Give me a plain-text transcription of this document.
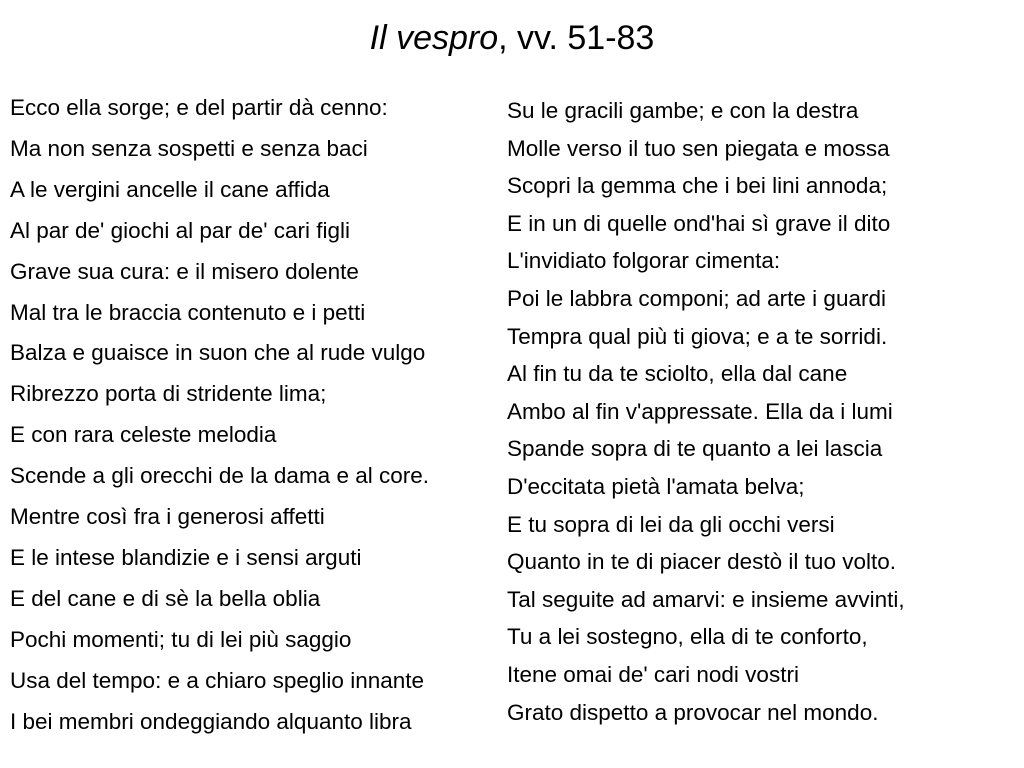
Il vespro, vv. 51-83
Ecco ella sorge; e del partir dà cenno:
Ma non senza sospetti e senza baci
A le vergini ancelle il cane affida
Al par de' giochi al par de' cari figli
Grave sua cura: e il misero dolente
Mal tra le braccia contenuto e i petti
Balza e guaisce in suon che al rude vulgo
Ribrezzo porta di stridente lima;
E con rara celeste melodia
Scende a gli orecchi de la dama e al core.
Mentre così fra i generosi affetti
E le intese blandizie e i sensi arguti
E del cane e di sè la bella oblia
Pochi momenti; tu di lei più saggio
Usa del tempo: e a chiaro speglio innante
I bei membri ondeggiando alquanto libra
Su le gracili gambe; e con la destra
Molle verso il tuo sen piegata e mossa
Scopri la gemma che i bei lini annoda;
E in un di quelle ond'hai sì grave il dito
L'invidiato folgorar cimenta:
Poi le labbra componi; ad arte i guardi
Tempra qual più ti giova; e a te sorridi.
Al fin tu da te sciolto, ella dal cane
Ambo al fin v'appressate. Ella da i lumi
Spande sopra di te quanto a lei lascia
D'eccitata pietà l'amata belva;
E tu sopra di lei da gli occhi versi
Quanto in te di piacer destò il tuo volto.
Tal seguite ad amarvi: e insieme avvinti,
Tu a lei sostegno, ella di te conforto,
Itene omai de' cari nodi vostri
Grato dispetto a provocar nel mondo.
